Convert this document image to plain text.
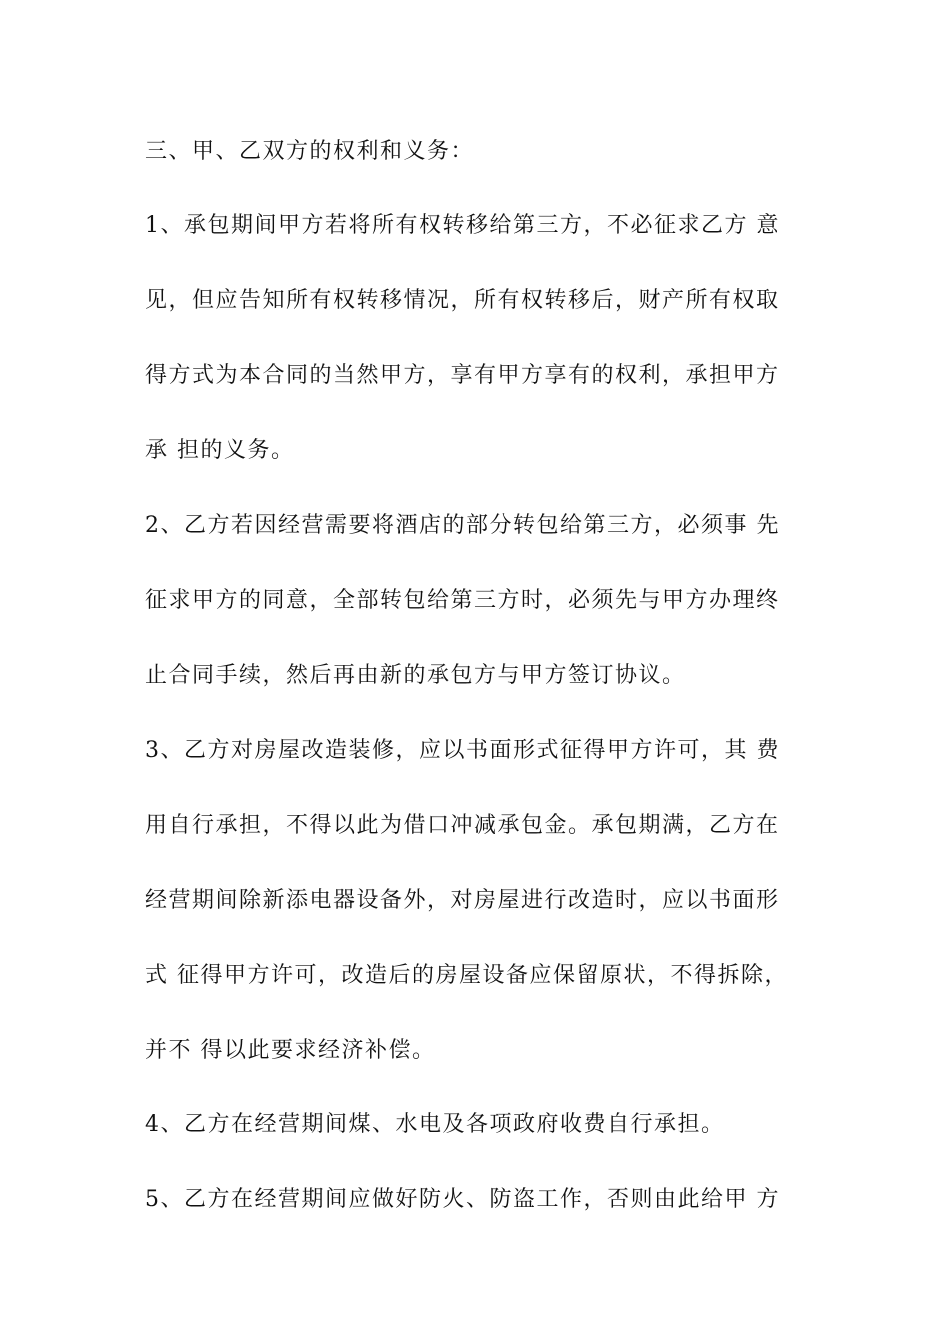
三、甲、乙双方的权利和义务：
1、承包期间甲方若将所有权转移给第三方，不必征求乙方 意
见，但应告知所有权转移情况，所有权转移后，财产所有权取
得方式为本合同的当然甲方，享有甲方享有的权利，承担甲方
承 担的义务。
2、乙方若因经营需要将酒店的部分转包给第三方，必须事 先
征求甲方的同意，全部转包给第三方时，必须先与甲方办理终
止合同手续，然后再由新的承包方与甲方签订协议。
3、乙方对房屋改造装修，应以书面形式征得甲方许可，其 费
用自行承担，不得以此为借口冲减承包金。承包期满，乙方在
经营期间除新添电器设备外，对房屋进行改造时，应以书面形
式 征得甲方许可，改造后的房屋设备应保留原状，不得拆除，
并不 得以此要求经济补偿。
4、乙方在经营期间煤、水电及各项政府收费自行承担。
5、乙方在经营期间应做好防火、防盗工作，否则由此给甲 方
